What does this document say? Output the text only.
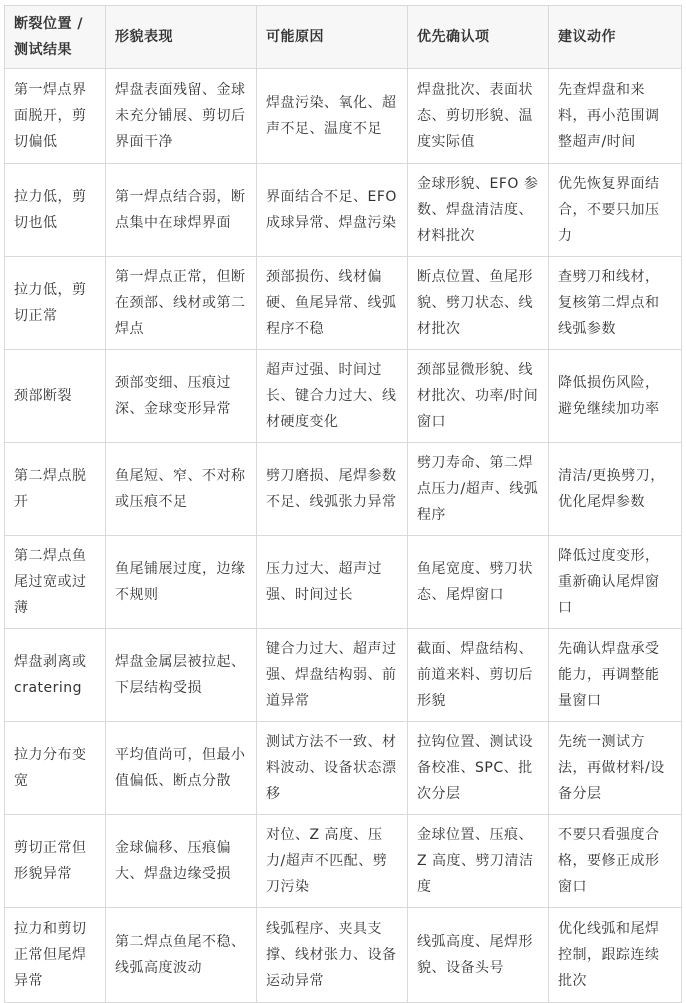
断裂位置 / 测试结果	形貌表现	可能原因	优先确认项	建议动作
第一焊点界面脱开，剪切偏低	焊盘表面残留、金球未充分铺展、剪切后界面干净	焊盘污染、氧化、超声不足、温度不足	焊盘批次、表面状态、剪切形貌、温度实际值	先查焊盘和来料，再小范围调整超声/时间
拉力低，剪切也低	第一焊点结合弱，断点集中在球焊界面	界面结合不足、EFO 成球异常、焊盘污染	金球形貌、EFO 参数、焊盘清洁度、材料批次	优先恢复界面结合，不要只加压力
拉力低，剪切正常	第一焊点正常，但断在颈部、线材或第二焊点	颈部损伤、线材偏硬、鱼尾异常、线弧程序不稳	断点位置、鱼尾形貌、劈刀状态、线材批次	查劈刀和线材，复核第二焊点和线弧参数
颈部断裂	颈部变细、压痕过深、金球变形异常	超声过强、时间过长、键合力过大、线材硬度变化	颈部显微形貌、线材批次、功率/时间窗口	降低损伤风险，避免继续加功率
第二焊点脱开	鱼尾短、窄、不对称或压痕不足	劈刀磨损、尾焊参数不足、线弧张力异常	劈刀寿命、第二焊点压力/超声、线弧程序	清洁/更换劈刀，优化尾焊参数
第二焊点鱼尾过宽或过薄	鱼尾铺展过度，边缘不规则	压力过大、超声过强、时间过长	鱼尾宽度、劈刀状态、尾焊窗口	降低过度变形，重新确认尾焊窗口
焊盘剥离或 cratering	焊盘金属层被拉起、下层结构受损	键合力过大、超声过强、焊盘结构弱、前道异常	截面、焊盘结构、前道来料、剪切后形貌	先确认焊盘承受能力，再调整能量窗口
拉力分布变宽	平均值尚可，但最小值偏低、断点分散	测试方法不一致、材料波动、设备状态漂移	拉钩位置、测试设备校准、SPC、批次分层	先统一测试方法，再做材料/设备分层
剪切正常但形貌异常	金球偏移、压痕偏大、焊盘边缘受损	对位、Z 高度、压力/超声不匹配、劈刀污染	金球位置、压痕、Z 高度、劈刀清洁度	不要只看强度合格，要修正成形窗口
拉力和剪切正常但尾焊异常	第二焊点鱼尾不稳、线弧高度波动	线弧程序、夹具支撑、线材张力、设备运动异常	线弧高度、尾焊形貌、设备头号	优化线弧和尾焊控制，跟踪连续批次
